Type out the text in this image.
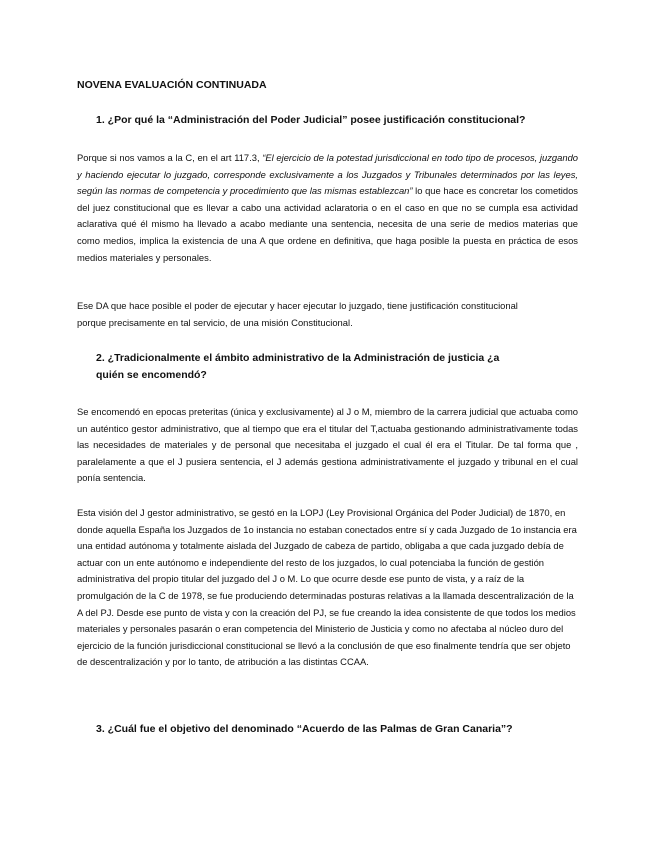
NOVENA EVALUACIÓN CONTINUADA
1. ¿Por qué la “Administración del Poder Judicial” posee justificación constitucional?
Porque si nos vamos a la C, en el art 117.3, “El ejercicio de la potestad jurisdiccional en todo tipo de procesos, juzgando y haciendo ejecutar lo juzgado, corresponde exclusivamente a los Juzgados y Tribunales determinados por las leyes, según las normas de competencia y procedimiento que las mismas establezcan” lo que hace es concretar los cometidos del juez constitucional que es llevar a cabo una actividad aclaratoria o en el caso en que no se cumpla esa actividad aclarativa qué él mismo ha llevado a acabo mediante una sentencia, necesita de una serie de medios materias que como medios, implica la existencia de una A que ordene en definitiva, que haga posible la puesta en práctica de esos medios materiales y personales.
Ese DA que hace posible el poder de ejecutar y hacer ejecutar lo juzgado, tiene justificación constitucional porque precisamente en tal servicio, de una misión Constitucional.
2. ¿Tradicionalmente el ámbito administrativo de la Administración de justicia ¿a quién se encomendó?
Se encomendó en epocas preteritas (única y exclusivamente) al J o M, miembro de la carrera judicial que actuaba como un auténtico gestor administrativo, que al tiempo que era el titular del T,actuaba gestionando administrativamente todas las necesidades de materiales y de personal que necesitaba el juzgado el cual él era el Titular. De tal forma que , paralelamente a que el J pusiera sentencia, el J además gestiona administrativamente el juzgado y tribunal en el cual ponía sentencia.
Esta visión del J gestor administrativo, se gestó en la LOPJ (Ley Provisional Orgánica del Poder Judicial) de 1870, en donde aquella España los Juzgados de 1o instancia no estaban conectados entre sí y cada Juzgado de 1o instancia era una entidad autónoma y totalmente aislada del Juzgado de cabeza de partido, obligaba a que cada juzgado debía de actuar con un ente autónomo e independiente del resto de los juzgados, lo cual potenciaba la función de gestión administrativa del propio titular del juzgado del J o M. Lo que ocurre desde ese punto de vista, y a raíz de la promulgación de la C de 1978, se fue produciendo determinadas posturas relativas a la llamada descentralización de la A del PJ. Desde ese punto de vista y con la creación del PJ, se fue creando la idea consistente de que todos los medios materiales y personales pasarán o eran competencia del Ministerio de Justicia y como no afectaba al núcleo duro del ejercicio de la función jurisdiccional constitucional se llevó a la conclusión de que eso finalmente tendría que ser objeto de descentralización y por lo tanto, de atribución a las distintas CCAA.
3. ¿Cuál fue el objetivo del denominado “Acuerdo de las Palmas de Gran Canaria”?
